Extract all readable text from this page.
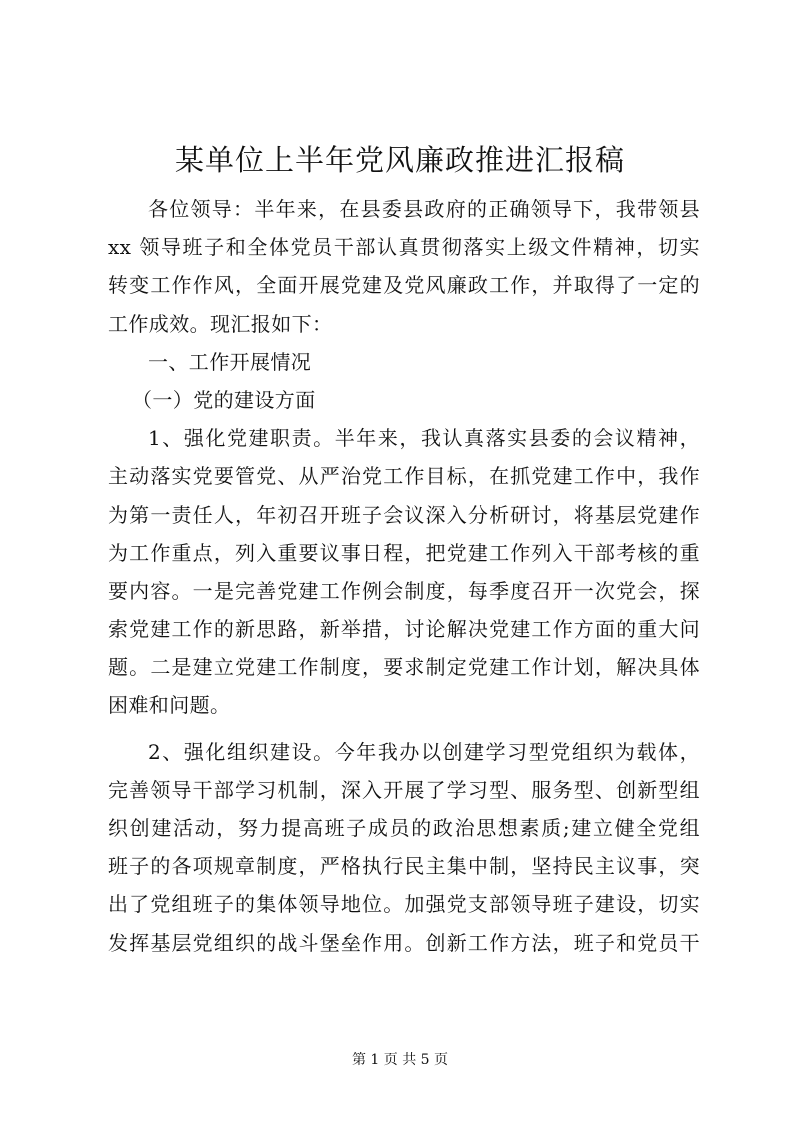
某单位上半年党风廉政推进汇报稿
各位领导：半年来，在县委县政府的正确领导下，我带领县
xx 领导班子和全体党员干部认真贯彻落实上级文件精神，切实
转变工作作风，全面开展党建及党风廉政工作，并取得了一定的
工作成效。现汇报如下：
一、工作开展情况
（一）党的建设方面
1、强化党建职责。半年来，我认真落实县委的会议精神，
主动落实党要管党、从严治党工作目标，在抓党建工作中，我作
为第一责任人，年初召开班子会议深入分析研讨，将基层党建作
为工作重点，列入重要议事日程，把党建工作列入干部考核的重
要内容。一是完善党建工作例会制度，每季度召开一次党会，探
索党建工作的新思路，新举措，讨论解决党建工作方面的重大问
题。二是建立党建工作制度，要求制定党建工作计划，解决具体
困难和问题。
2、强化组织建设。今年我办以创建学习型党组织为载体，
完善领导干部学习机制，深入开展了学习型、服务型、创新型组
织创建活动，努力提高班子成员的政治思想素质;建立健全党组
班子的各项规章制度，严格执行民主集中制，坚持民主议事，突
出了党组班子的集体领导地位。加强党支部领导班子建设，切实
发挥基层党组织的战斗堡垒作用。创新工作方法，班子和党员干
第 1 页 共 5 页
